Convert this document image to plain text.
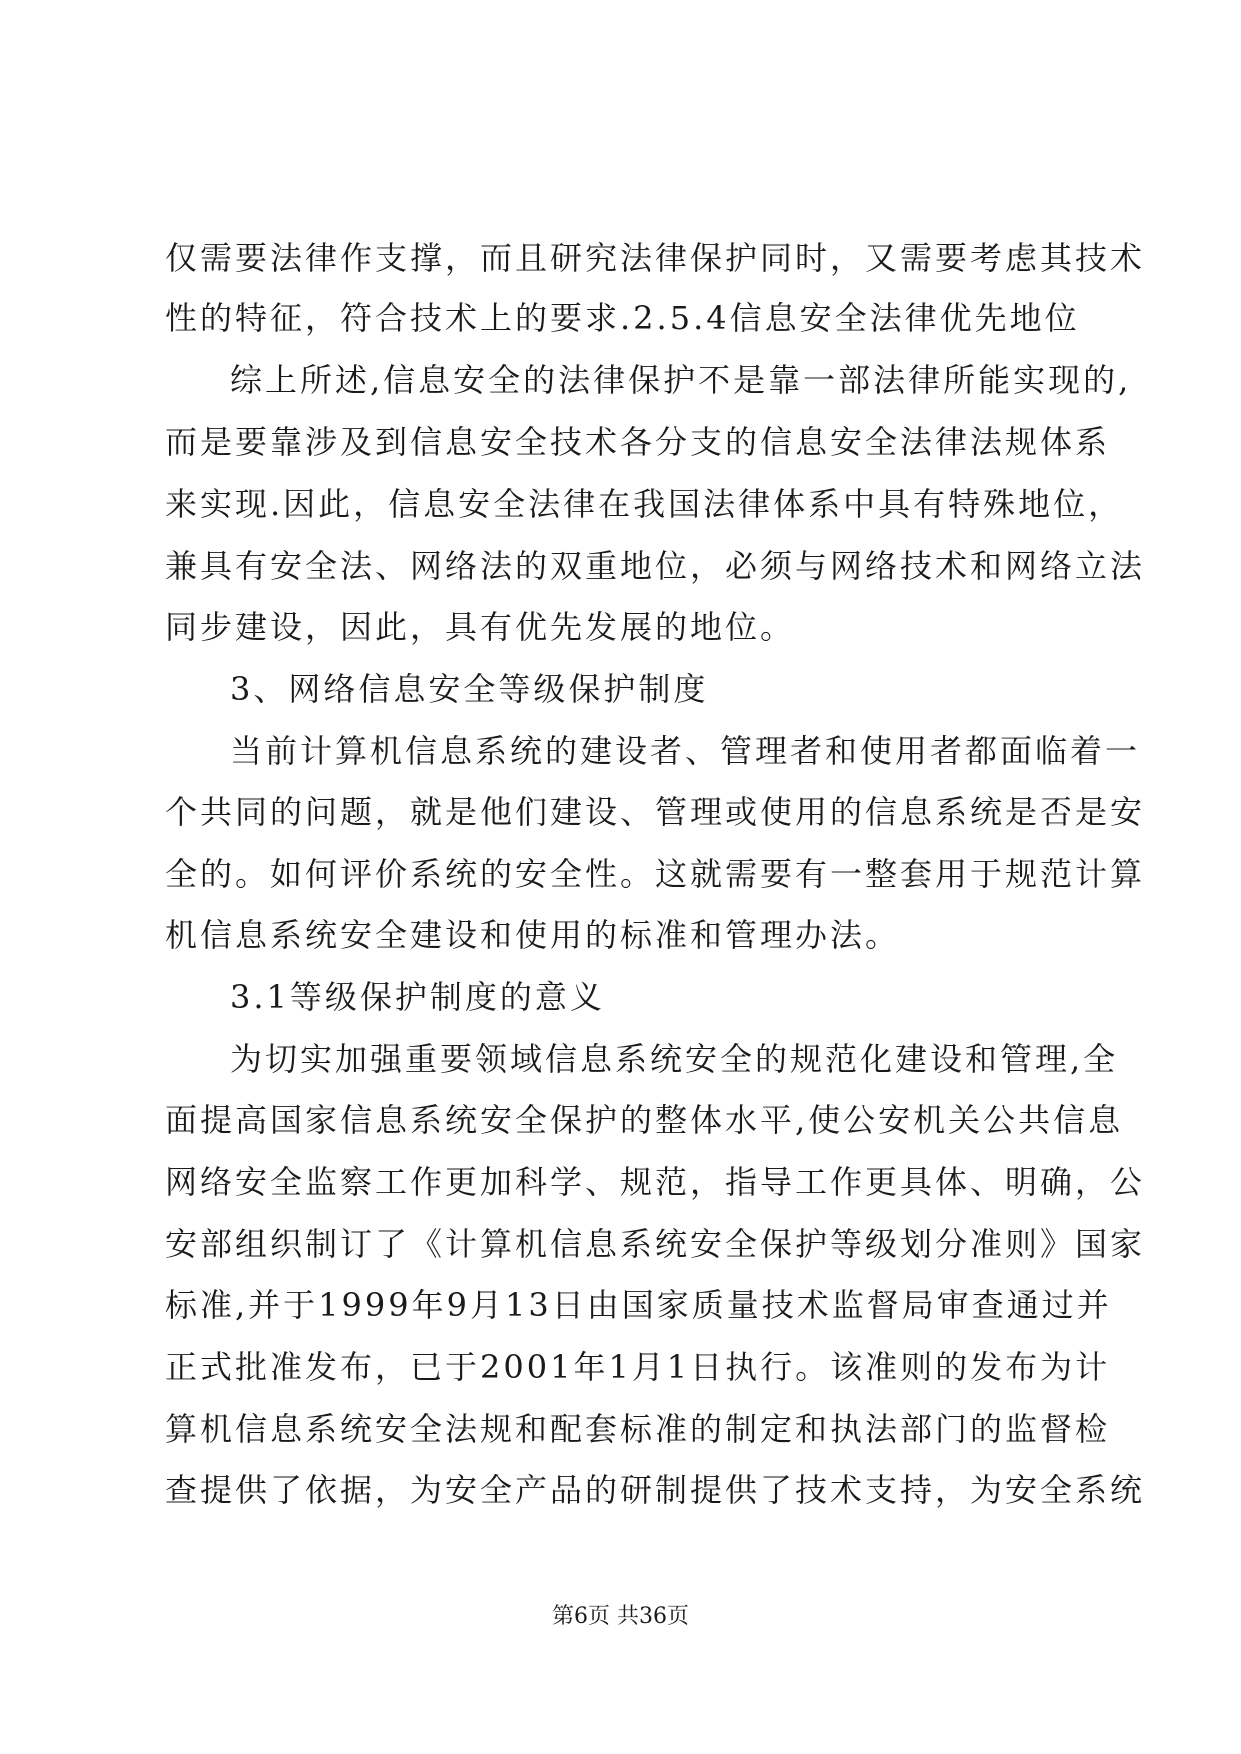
仅需要法律作支撑，而且研究法律保护同时，又需要考虑其技术
性的特征，符合技术上的要求.2.5.4信息安全法律优先地位
综上所述,信息安全的法律保护不是靠一部法律所能实现的,
而是要靠涉及到信息安全技术各分支的信息安全法律法规体系
来实现.因此，信息安全法律在我国法律体系中具有特殊地位，
兼具有安全法、网络法的双重地位，必须与网络技术和网络立法
同步建设，因此，具有优先发展的地位。
3、网络信息安全等级保护制度
当前计算机信息系统的建设者、管理者和使用者都面临着一
个共同的问题，就是他们建设、管理或使用的信息系统是否是安
全的。如何评价系统的安全性。这就需要有一整套用于规范计算
机信息系统安全建设和使用的标准和管理办法。
3.1等级保护制度的意义
为切实加强重要领域信息系统安全的规范化建设和管理,全
面提高国家信息系统安全保护的整体水平,使公安机关公共信息
网络安全监察工作更加科学、规范，指导工作更具体、明确，公
安部组织制订了《计算机信息系统安全保护等级划分准则》国家
标准,并于1999年9月13日由国家质量技术监督局审查通过并
正式批准发布，已于2001年1月1日执行。该准则的发布为计
算机信息系统安全法规和配套标准的制定和执法部门的监督检
查提供了依据，为安全产品的研制提供了技术支持，为安全系统
第6页 共36页
